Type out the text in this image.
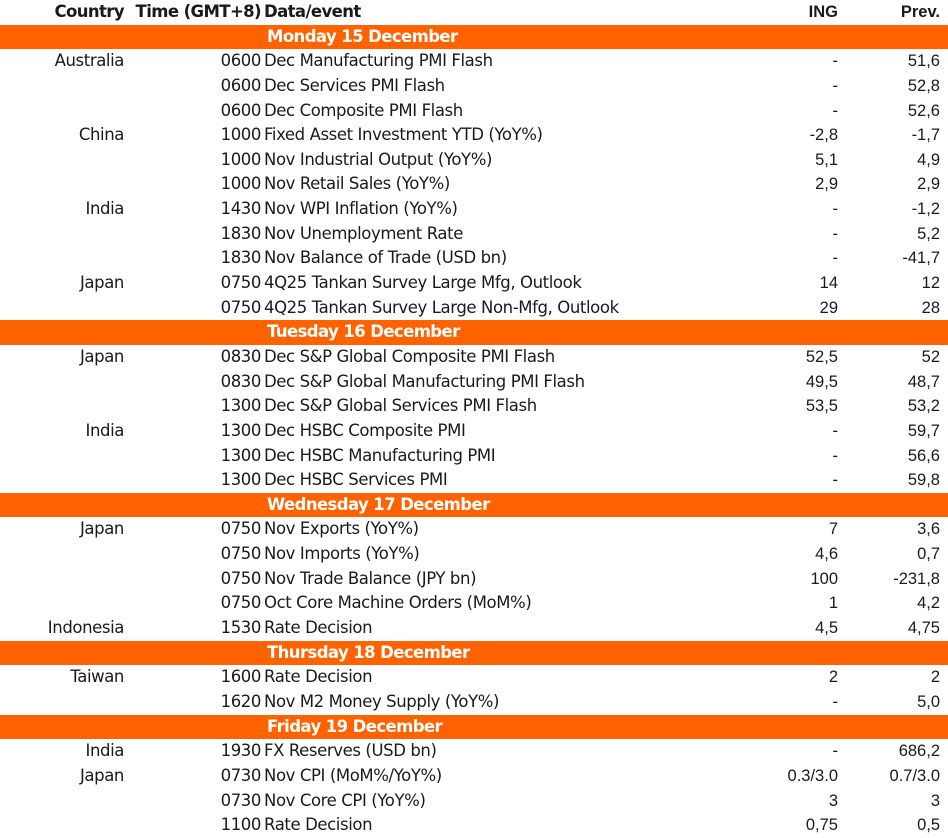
Country Time (GMT+8) Data/event	ING	Prev.
Monday 15 December
Australia	0600 Dec Manufacturing PMI Flash	-	51,6
0600 Dec Services PMI Flash	-	52,8
0600 Dec Composite PMI Flash	-	52,6
China	1000 Fixed Asset Investment YTD (YoY%)	-2,8	-1,7
1000 Nov Industrial Output (YoY%)	5,1	4,9
1000 Nov Retail Sales (YoY%)	2,9	2,9
India	1430 Nov WPI Inflation (YoY%)	-	-1,2
1830 Nov Unemployment Rate	-	5,2
1830 Nov Balance of Trade (USD bn)	-	-41,7
Japan	0750 4Q25 Tankan Survey Large Mfg, Outlook	14	12
0750 4Q25 Tankan Survey Large Non-Mfg, Outlook	29	28
Tuesday 16 December
Japan	0830 Dec S&P Global Composite PMI Flash	52,5	52
0830 Dec S&P Global Manufacturing PMI Flash	49,5	48,7
1300 Dec S&P Global Services PMI Flash	53,5	53,2
India	1300 Dec HSBC Composite PMI	-	59,7
1300 Dec HSBC Manufacturing PMI	-	56,6
1300 Dec HSBC Services PMI	-	59,8
Wednesday 17 December
Japan	0750 Nov Exports (YoY%)	7	3,6
0750 Nov Imports (YoY%)	4,6	0,7
0750 Nov Trade Balance (JPY bn)	100	-231,8
0750 Oct Core Machine Orders (MoM%)	1	4,2
Indonesia	1530 Rate Decision	4,5	4,75
Thursday 18 December
Taiwan	1600 Rate Decision	2	2
1620 Nov M2 Money Supply (YoY%)	-	5,0
Friday 19 December
India	1930 FX Reserves (USD bn)	-	686,2
Japan	0730 Nov CPI (MoM%/YoY%)	0.3/3.0	0.7/3.0
0730 Nov Core CPI (YoY%)	3	3
1100 Rate Decision	0,75	0,5
